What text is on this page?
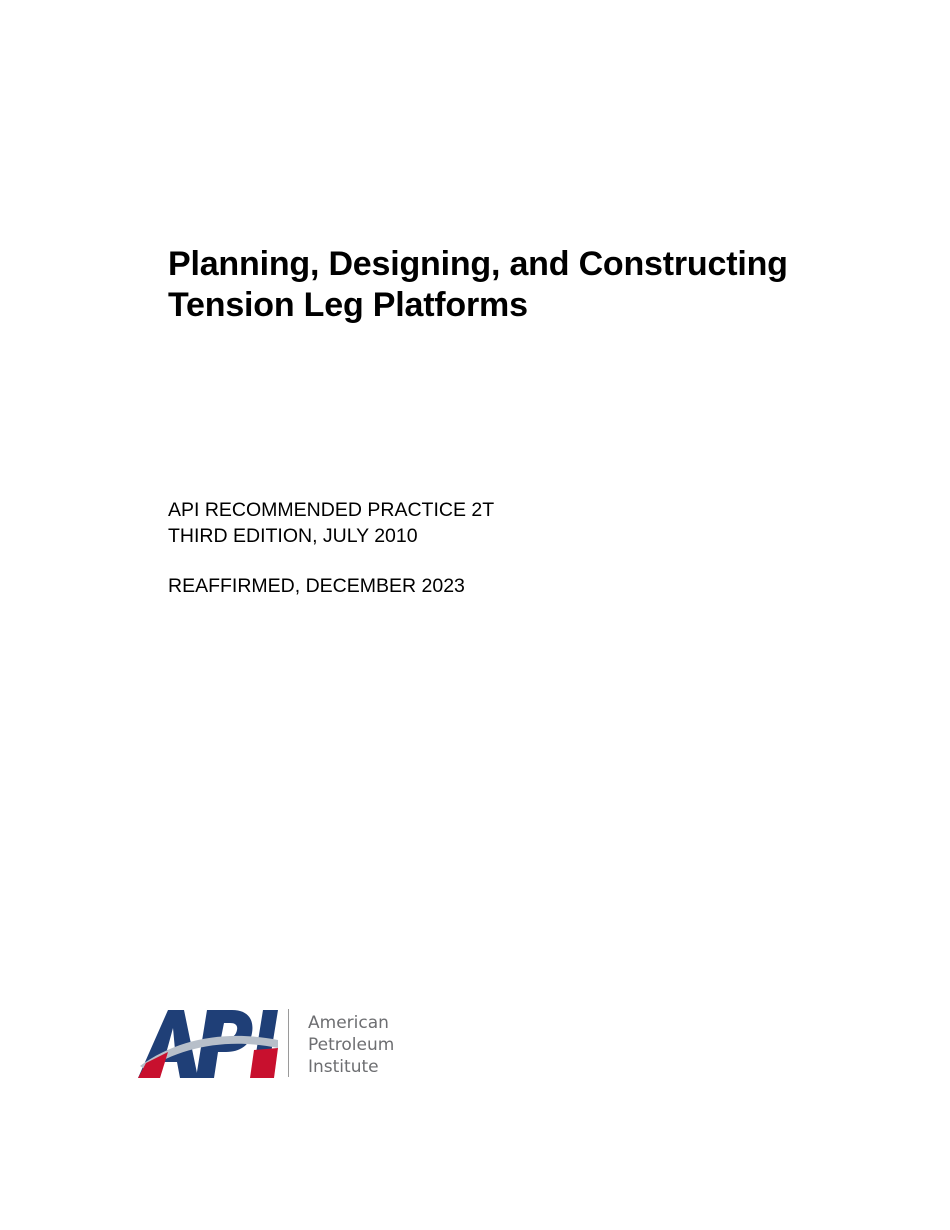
Planning, Designing, and Constructing
Tension Leg Platforms
API RECOMMENDED PRACTICE 2T
THIRD EDITION, JULY 2010
REAFFIRMED, DECEMBER 2023
American
Petroleum
Institute
